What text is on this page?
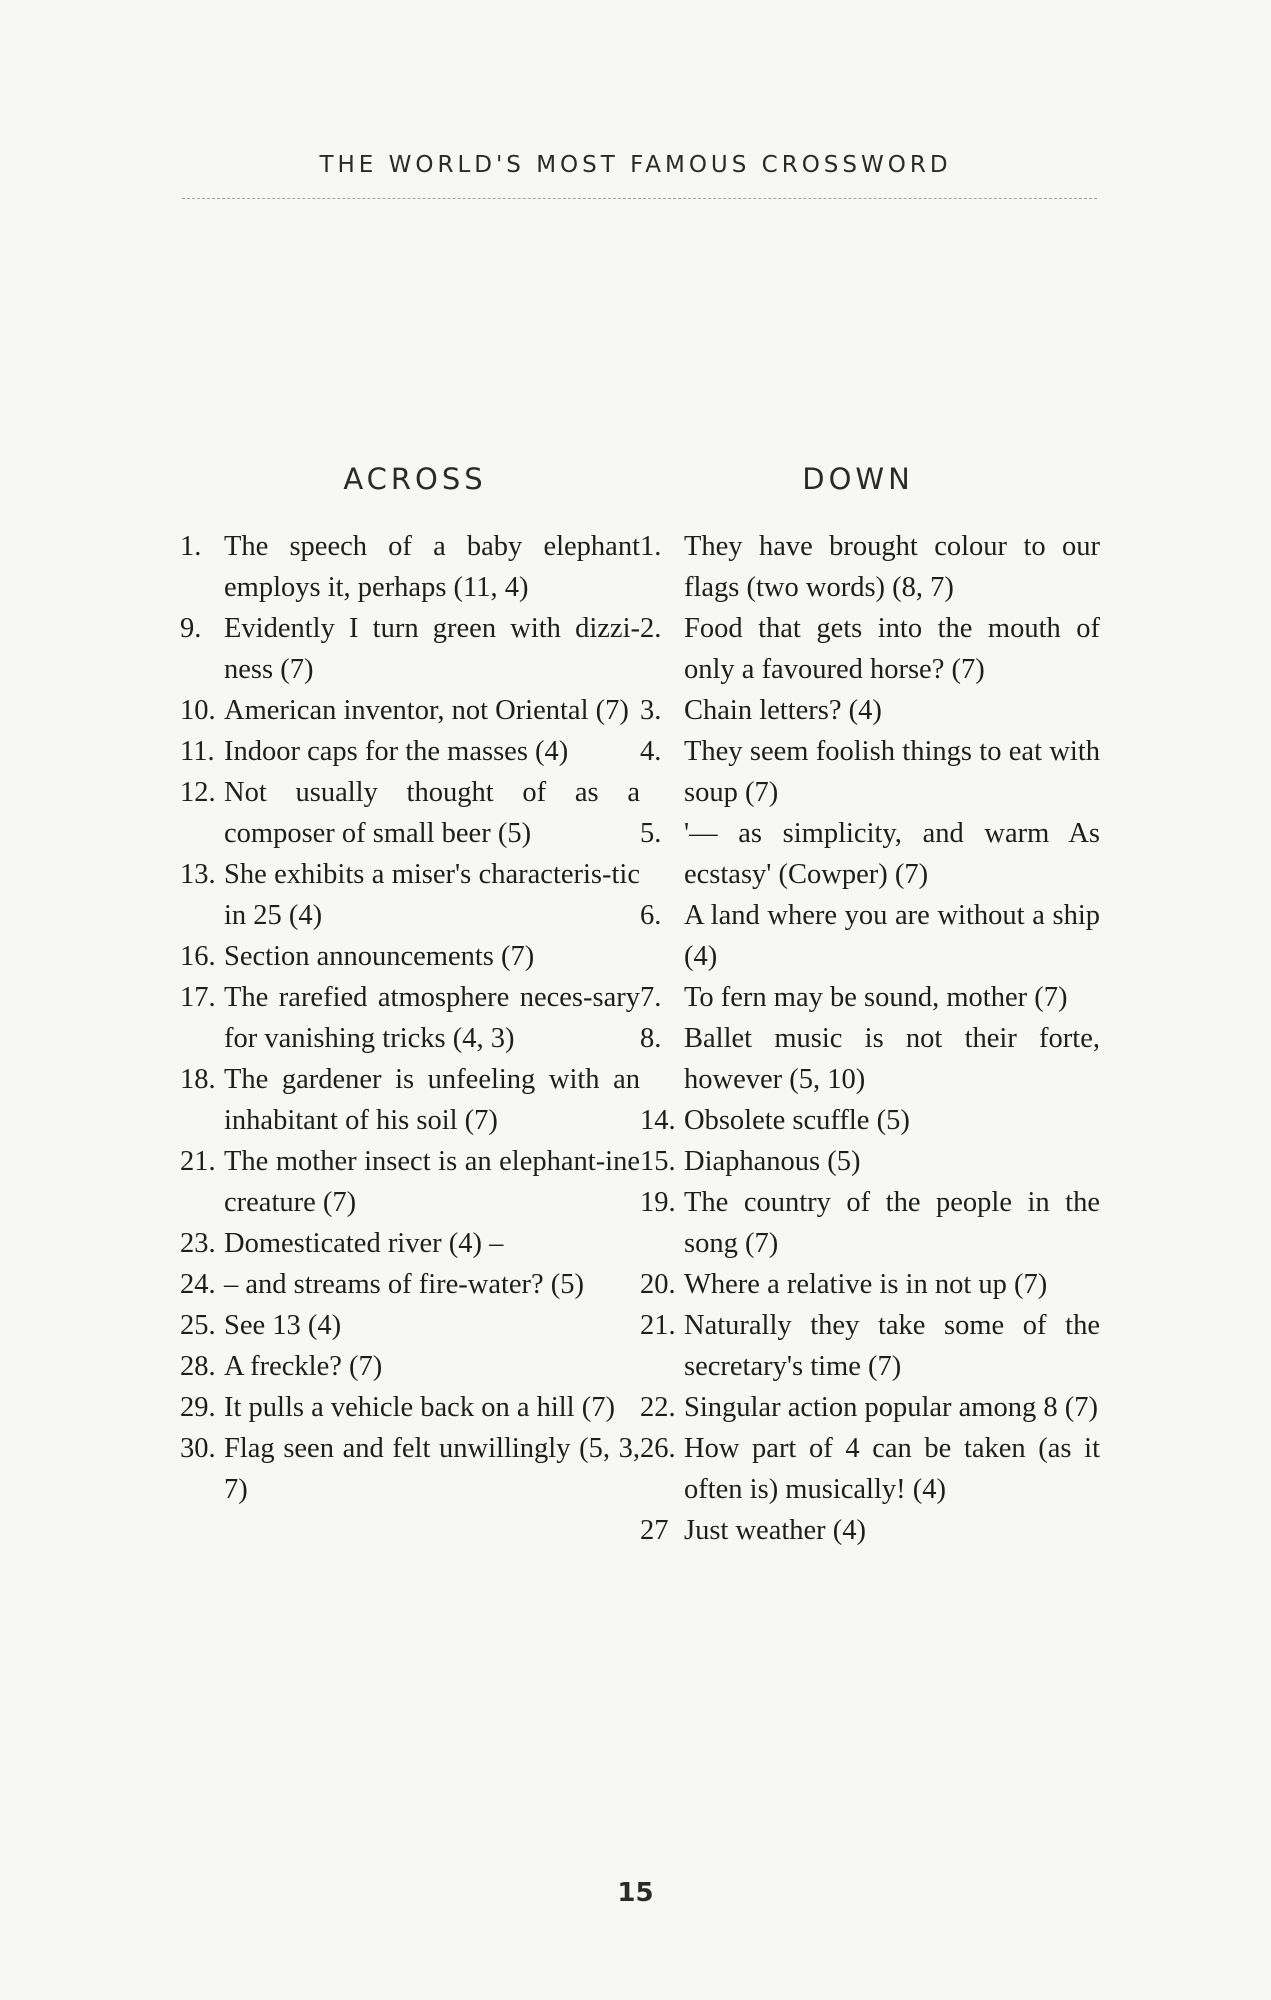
THE WORLD'S MOST FAMOUS CROSSWORD
ACROSS	DOWN
1. The speech of a baby elephant employs it, perhaps (11, 4)
9. Evidently I turn green with dizzi-ness (7)
10. American inventor, not Oriental (7)
11. Indoor caps for the masses (4)
12. Not usually thought of as a composer of small beer (5)
13. She exhibits a miser's characteris-tic in 25 (4)
16. Section announcements (7)
17. The rarefied atmosphere neces-sary for vanishing tricks (4, 3)
18. The gardener is unfeeling with an inhabitant of his soil (7)
21. The mother insect is an elephant-ine creature (7)
23. Domesticated river (4) –
24. – and streams of fire-water? (5)
25. See 13 (4)
28. A freckle? (7)
29. It pulls a vehicle back on a hill (7)
30. Flag seen and felt unwillingly (5, 3, 7)
1. They have brought colour to our flags (two words) (8, 7)
2. Food that gets into the mouth of only a favoured horse? (7)
3. Chain letters? (4)
4. They seem foolish things to eat with soup (7)
5. '— as simplicity, and warm As ecstasy' (Cowper) (7)
6. A land where you are without a ship (4)
7. To fern may be sound, mother (7)
8. Ballet music is not their forte, however (5, 10)
14. Obsolete scuffle (5)
15. Diaphanous (5)
19. The country of the people in the song (7)
20. Where a relative is in not up (7)
21. Naturally they take some of the secretary's time (7)
22. Singular action popular among 8 (7)
26. How part of 4 can be taken (as it often is) musically! (4)
27 Just weather (4)
15
